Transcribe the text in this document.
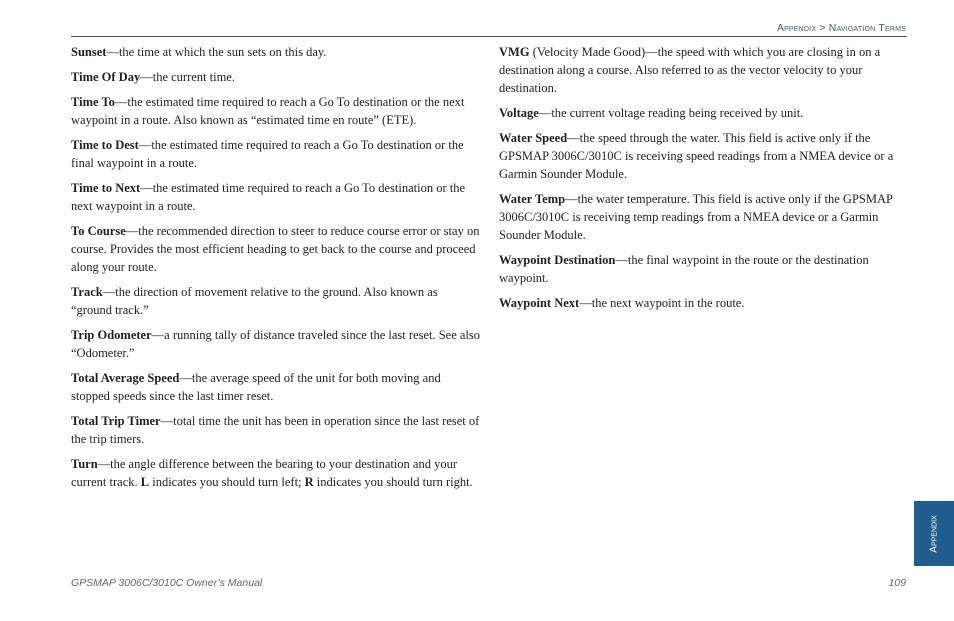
Appendix > Navigation Terms

Sunset—the time at which the sun sets on this day.

Time Of Day—the current time.

Time To—the estimated time required to reach a Go To destination or the next waypoint in a route. Also known as “estimated time en route” (ETE).

Time to Dest—the estimated time required to reach a Go To destination or the final waypoint in a route.

Time to Next—the estimated time required to reach a Go To destination or the next waypoint in a route.

To Course—the recommended direction to steer to reduce course error or stay on course. Provides the most efficient heading to get back to the course and proceed along your route.

Track—the direction of movement relative to the ground. Also known as “ground track.”

Trip Odometer—a running tally of distance traveled since the last reset. See also “Odometer.”

Total Average Speed—the average speed of the unit for both moving and stopped speeds since the last timer reset.

Total Trip Timer—total time the unit has been in operation since the last reset of the trip timers.

Turn—the angle difference between the bearing to your destination and your current track. L indicates you should turn left; R indicates you should turn right.

VMG (Velocity Made Good)—the speed with which you are closing in on a destination along a course. Also referred to as the vector velocity to your destination.

Voltage—the current voltage reading being received by unit.

Water Speed—the speed through the water. This field is active only if the GPSMAP 3006C/3010C is receiving speed readings from a NMEA device or a Garmin Sounder Module.

Water Temp—the water temperature. This field is active only if the GPSMAP 3006C/3010C is receiving temp readings from a NMEA device or a Garmin Sounder Module.

Waypoint Destination—the final waypoint in the route or the destination waypoint.

Waypoint Next—the next waypoint in the route.

GPSMAP 3006C/3010C Owner’s Manual	109
Appendix
